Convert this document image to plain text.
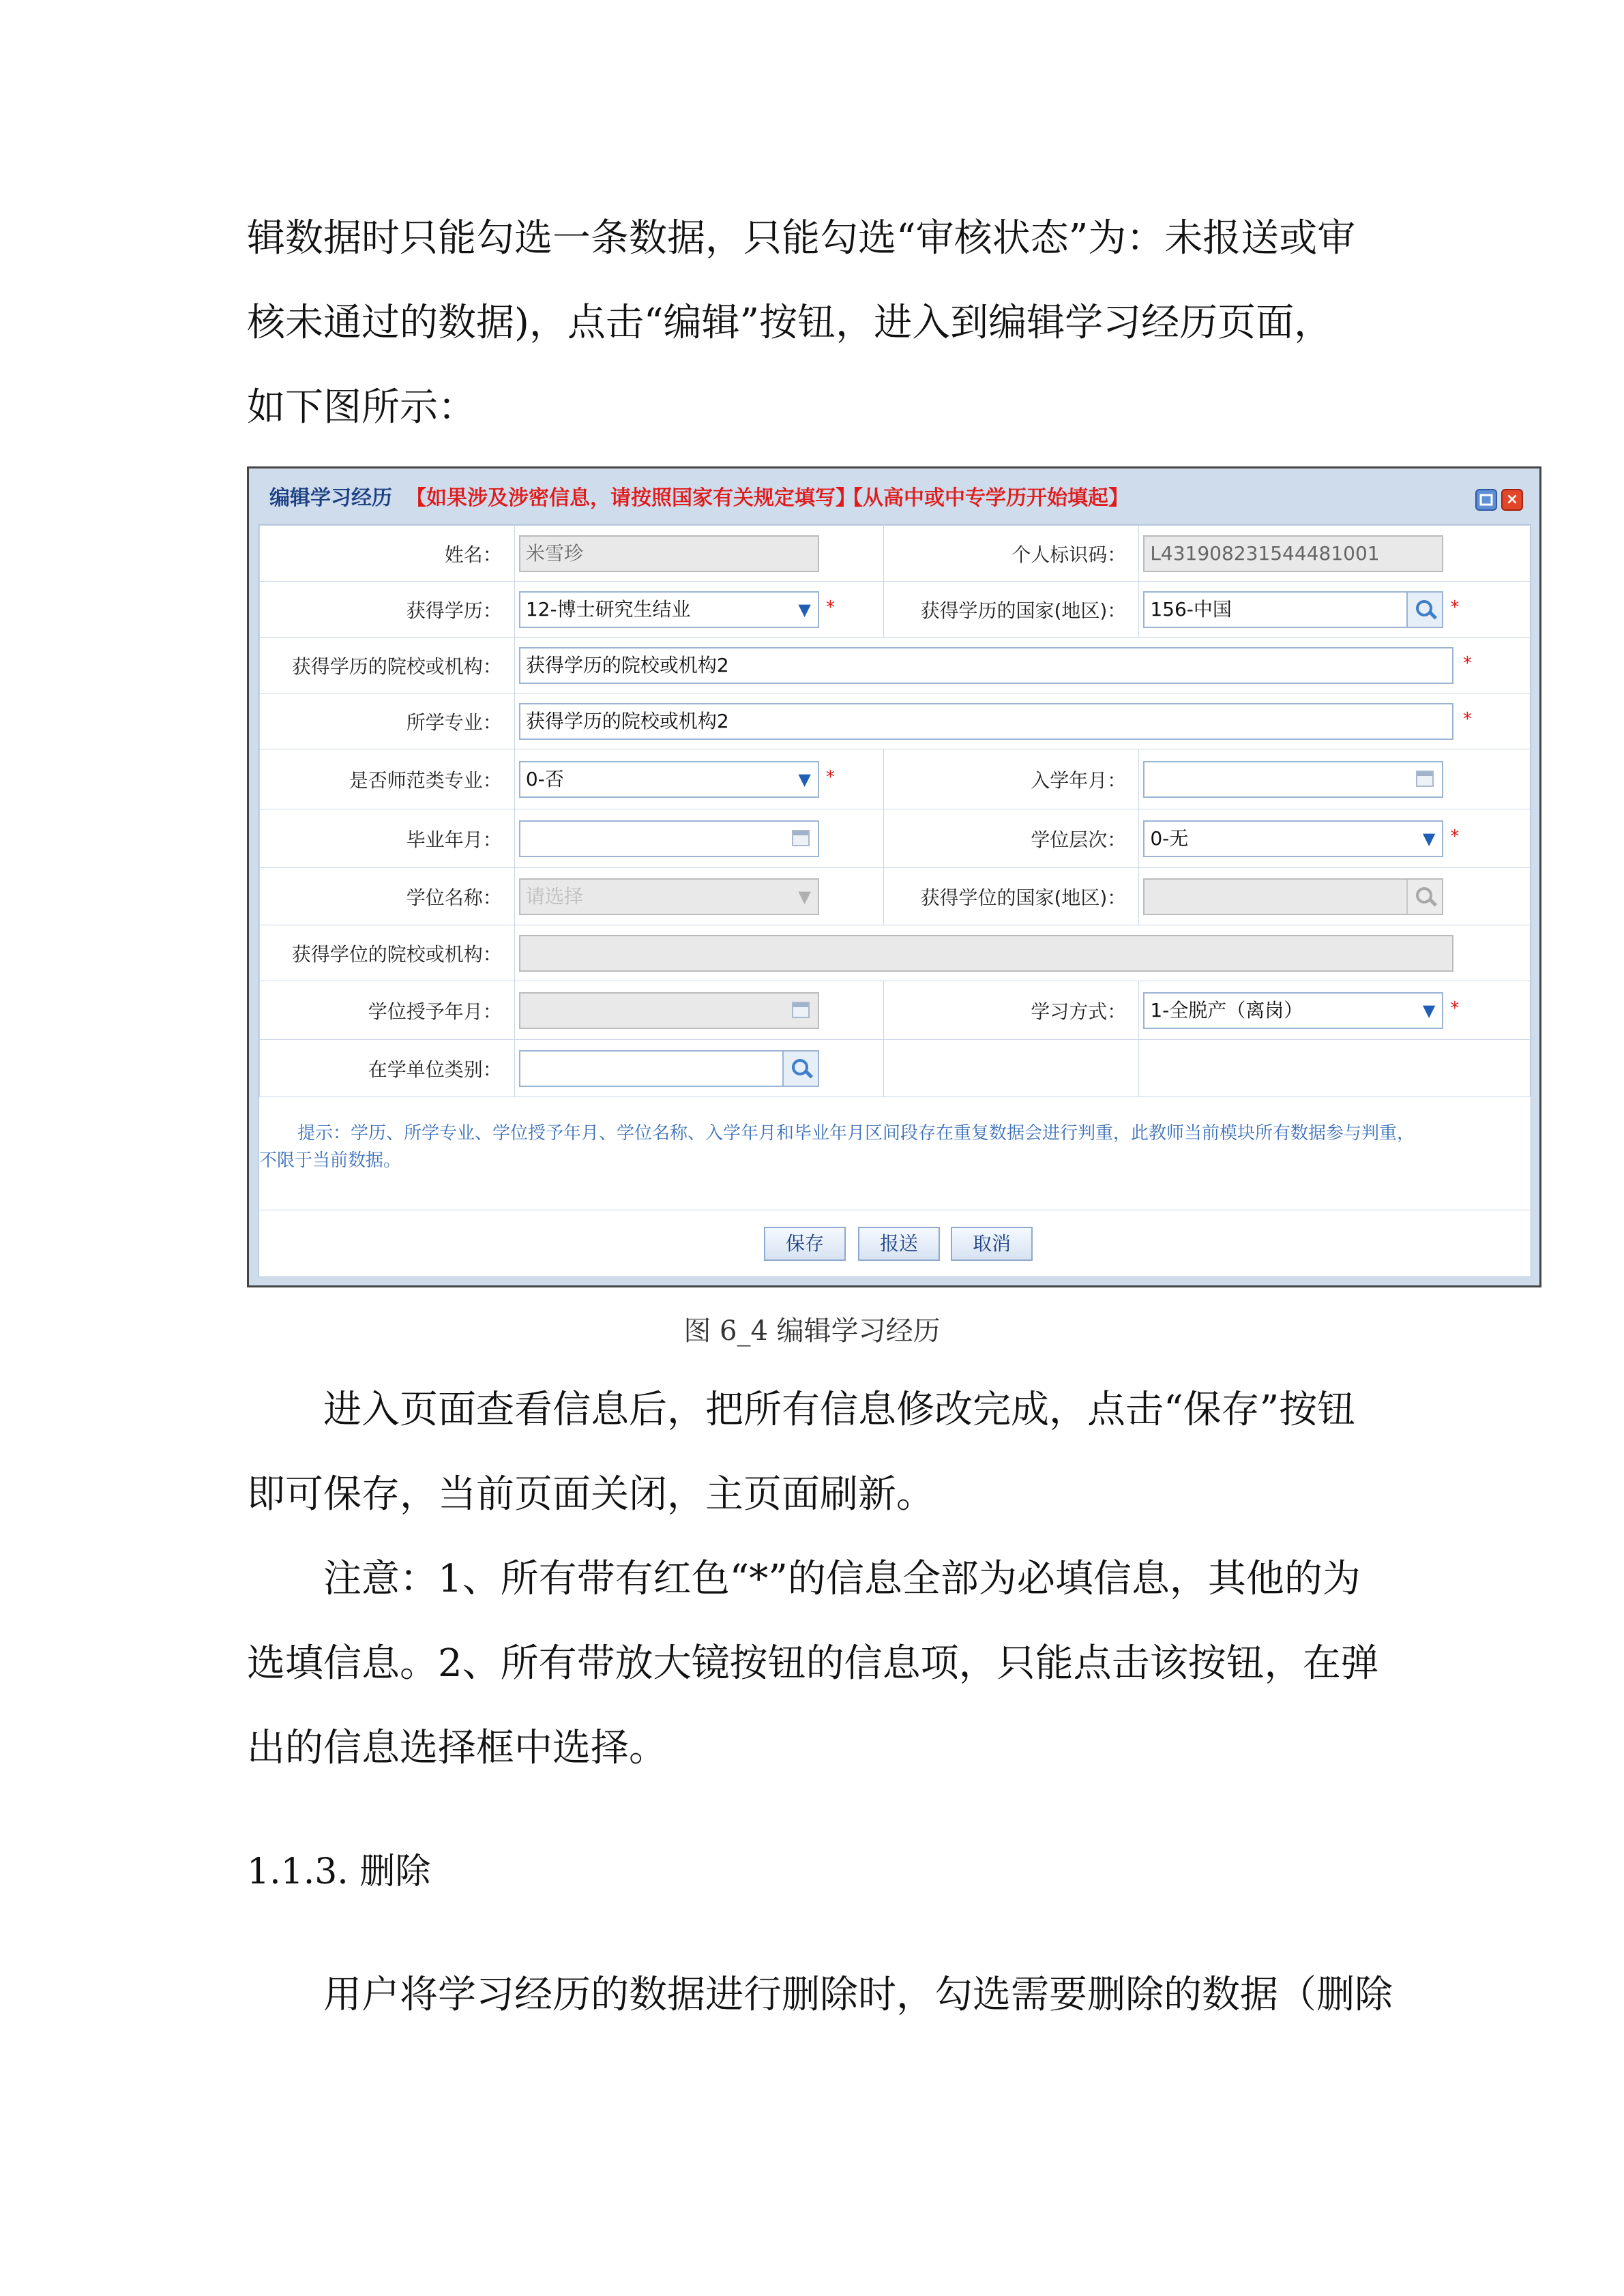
辑数据时只能勾选一条数据，只能勾选“审核状态”为：未报送或审
核未通过的数据)，点击“编辑”按钮，进入到编辑学习经历页面，
如下图所示：
编辑学习经历 【如果涉及涉密信息，请按照国家有关规定填写】
【从高中或中专学历开始填起】	×
姓名：	米雪珍	个人标识码：	L431908231544481001

获得学历：	12-博士研究生结业 ▼ *	获得学历的国家(地区)：	156-中国 *

获得学历的院校或机构：	获得学历的院校或机构2 *		

所学专业：	获得学历的院校或机构2 *		

是否师范类专业：	0-否 ▼ *	入学年月：	

毕业年月：		学位层次：	0-无 ▼ *

学位名称：	请选择 ▼	获得学位的国家(地区)：	

获得学位的院校或机构：			

学位授予年月：		学习方式：	1-全脱产（离岗） ▼ *

在学单位类别：	

提示：学历、所学专业、学位授予年月、学位名称、入学年月和毕业年月区间段存在重复数据会进行判重，此教师当前模块所有数据参与判重，
不限于当前数据。
保存	报送	取消
图 6_4 编辑学习经历
进入页面查看信息后，把所有信息修改完成，点击“保存”按钮
即可保存，当前页面关闭，主页面刷新。
注意：1、所有带有红色“*”的信息全部为必填信息，其他的为
选填信息。2、所有带放大镜按钮的信息项，只能点击该按钮，在弹
出的信息选择框中选择。
1.1.3. 删除
用户将学习经历的数据进行删除时，勾选需要删除的数据（删除
